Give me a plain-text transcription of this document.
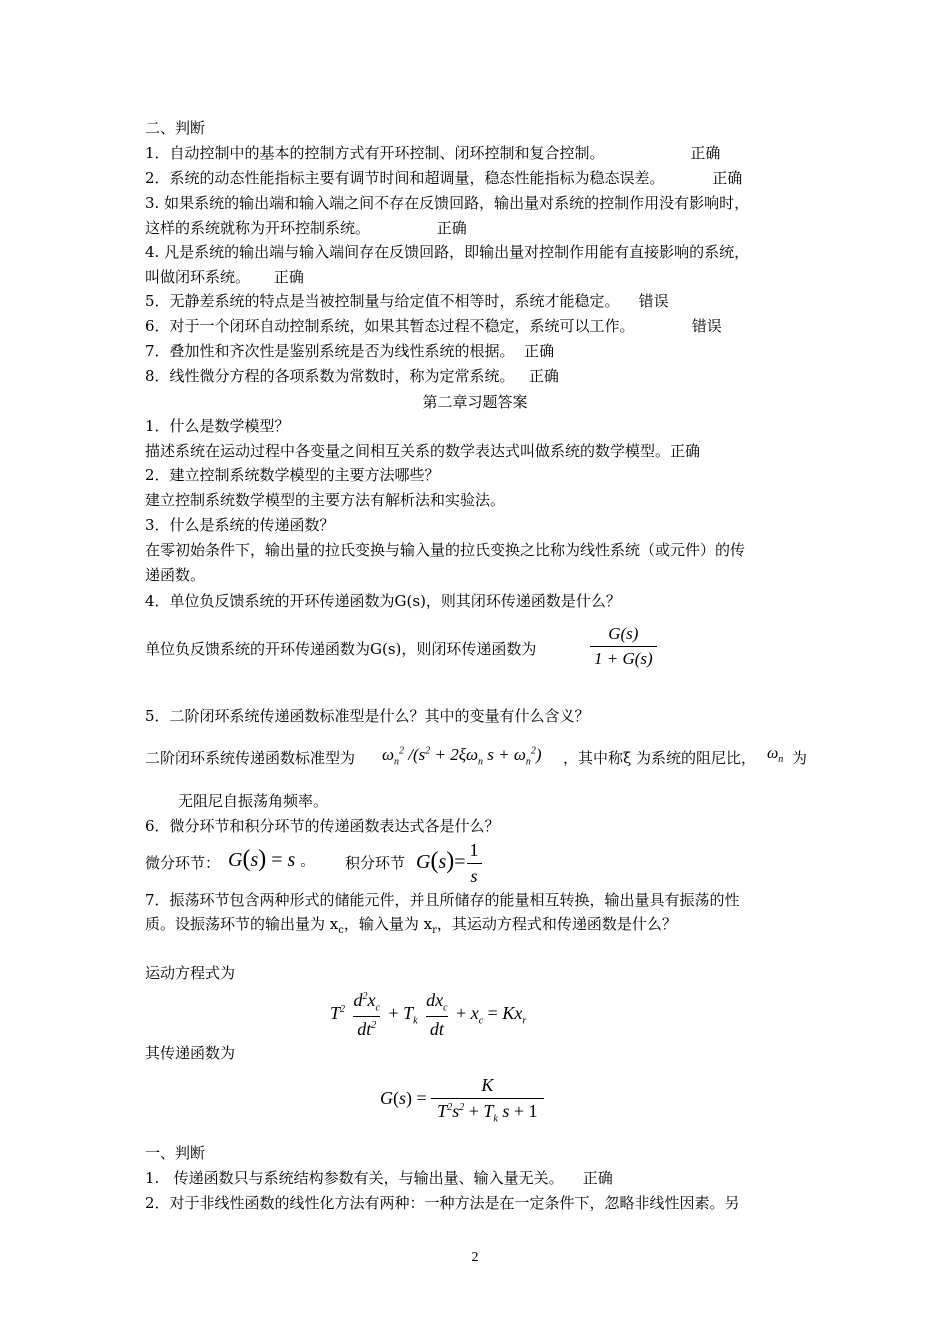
二、判断
1．自动控制中的基本的控制方式有开环控制、闭环控制和复合控制。                  正确
2．系统的动态性能指标主要有调节时间和超调量，稳态性能指标为稳态误差。          正确
3. 如果系统的输出端和输入端之间不存在反馈回路，输出量对系统的控制作用没有影响时，
这样的系统就称为开环控制系统。              正确
4. 凡是系统的输出端与输入端间存在反馈回路，即输出量对控制作用能有直接影响的系统，
叫做闭环系统。     正确
5．无静差系统的特点是当被控制量与给定值不相等时，系统才能稳定。    错误
6．对于一个闭环自动控制系统，如果其暂态过程不稳定，系统可以工作。            错误
7．叠加性和齐次性是鉴别系统是否为线性系统的根据。  正确
8．线性微分方程的各项系数为常数时，称为定常系统。   正确
第二章习题答案
1．什么是数学模型？
描述系统在运动过程中各变量之间相互关系的数学表达式叫做系统的数学模型。正确
2．建立控制系统数学模型的主要方法哪些？
建立控制系统数学模型的主要方法有解析法和实验法。
3．什么是系统的传递函数？
在零初始条件下，输出量的拉氏变换与输入量的拉氏变换之比称为线性系统（或元件）的传
递函数。
4．单位负反馈系统的开环传递函数为G(s)，则其闭环传递函数是什么？
单位负反馈系统的开环传递函数为G(s)，则闭环传递函数为	$\frac{G(s)}{1 + G(s)}$
5．二阶闭环系统传递函数标准型是什么？其中的变量有什么含义？
二阶闭环系统传递函数标准型为 $\omega_n^2$ $/(s^2 + 2\xi\omega_n$ $s + \omega_n^2$) ，其中称ξ 为系统的阻尼比， $\omega_n$ 为
无阻尼自振荡角频率。
6．微分环节和积分环节的传递函数表达式各是什么？
微分环节： G(s) = s 。 积分环节 $G(s)= \frac{1}{s}$
7．振荡环节包含两种形式的储能元件，并且所储存的能量相互转换，输出量具有振荡的性
质。设振荡环节的输出量为 $x_c$，输入量为 $x_r$，其运动方程式和传递函数是什么？
运动方程式为
$T^2 \frac{d^2x_c}{dt^2} + T_k \frac{dx_c}{dt} + x_c = Kx_r$
其传递函数为
$G(s) = \frac{K}{T^2s^2 + T_k s + 1}$
一、判断
1.   传递函数只与系统结构参数有关，与输出量、输入量无关。    正确
2．对于非线性函数的线性化方法有两种：一种方法是在一定条件下，忽略非线性因素。另
2
